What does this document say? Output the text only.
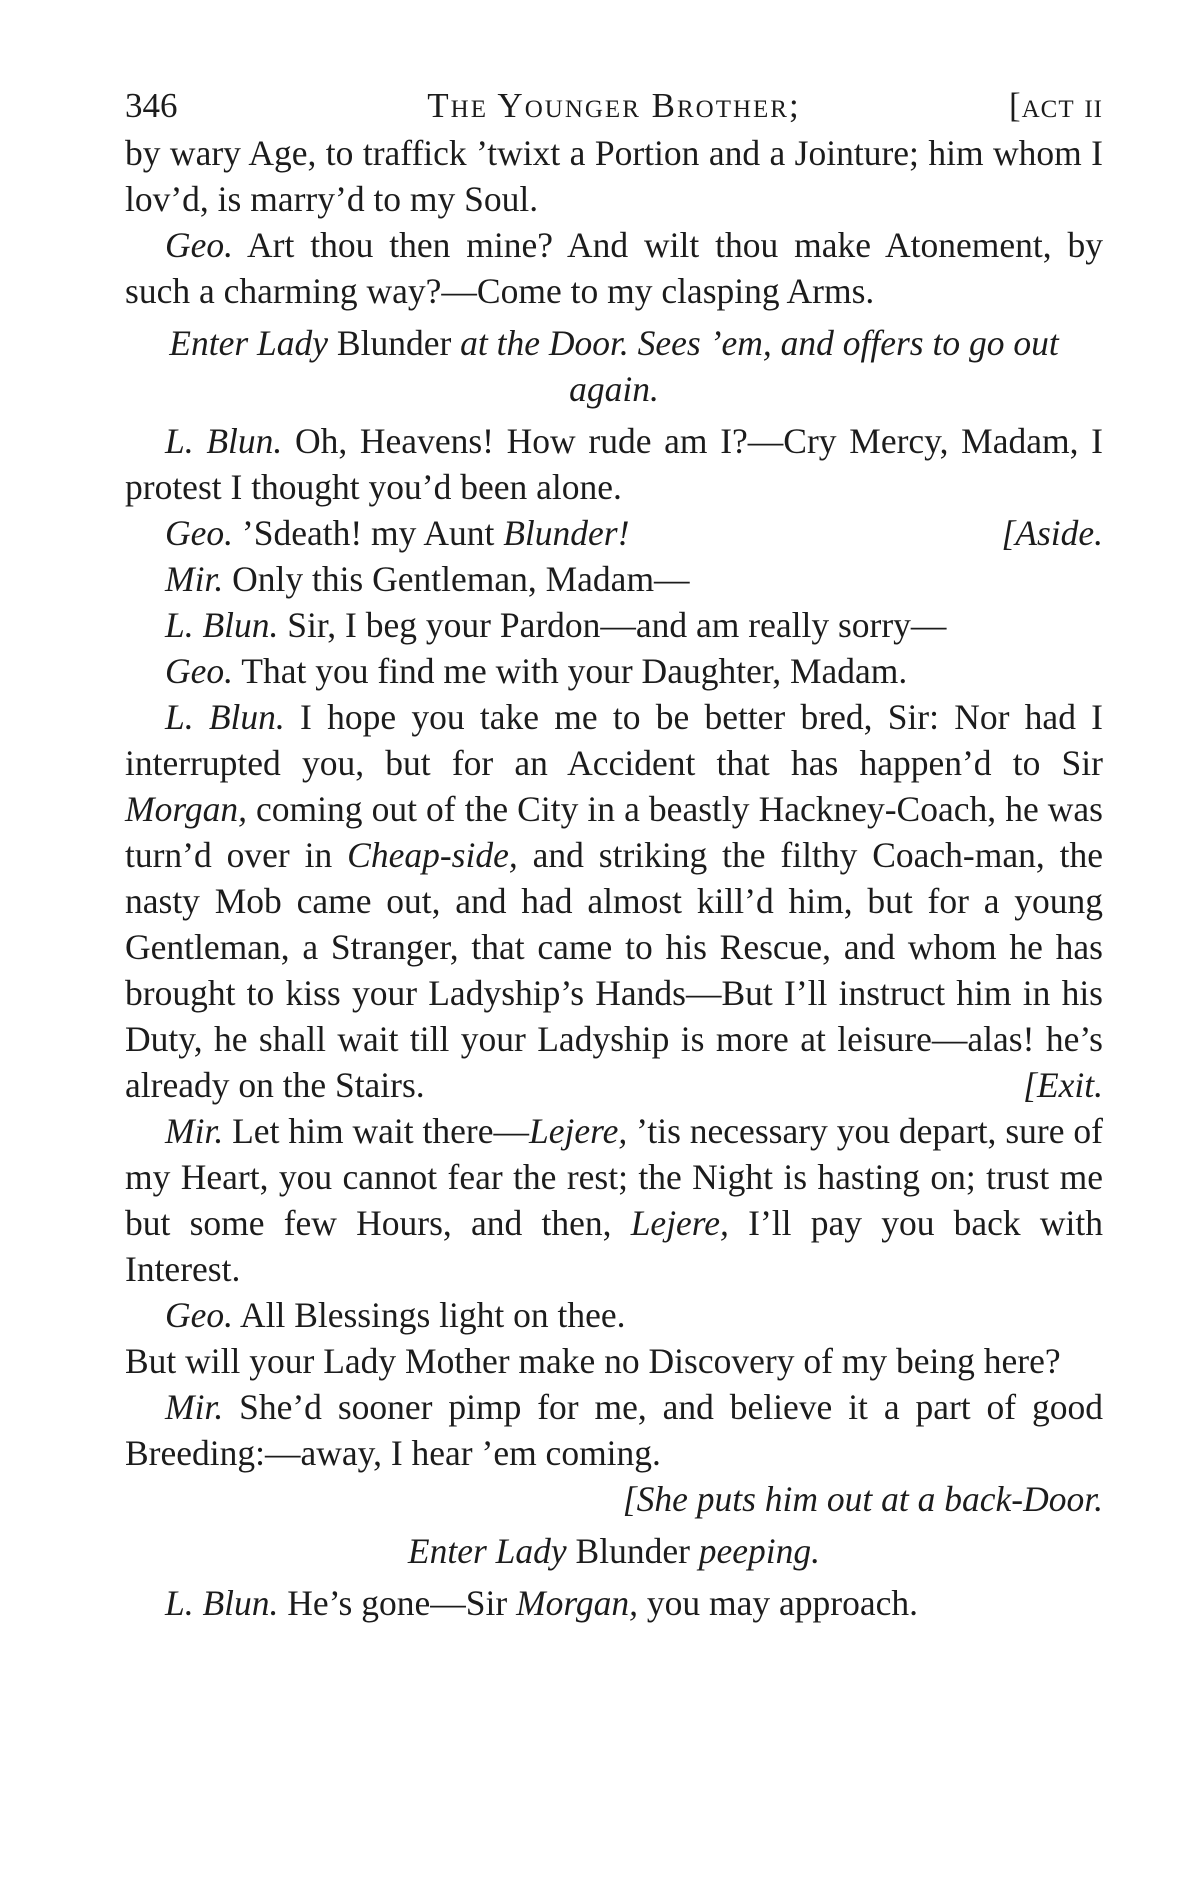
346	The Younger Brother;	[act ii

by wary Age, to traffick ’twixt a Portion and a Jointure; him whom I lov’d, is marry’d to my Soul.

Geo. Art thou then mine? And wilt thou make Atonement, by such a charming way?—Come to my clasping Arms.

Enter Lady Blunder at the Door. Sees ’em, and offers to go out again.

L. Blun. Oh, Heavens! How rude am I?—Cry Mercy, Madam, I protest I thought you’d been alone.

Geo. ’Sdeath! my Aunt Blunder!	[Aside.

Mir. Only this Gentleman, Madam—

L. Blun. Sir, I beg your Pardon—and am really sorry—

Geo. That you find me with your Daughter, Madam.

L. Blun. I hope you take me to be better bred, Sir: Nor had I interrupted you, but for an Accident that has happen’d to Sir Morgan, coming out of the City in a beastly Hackney-Coach, he was turn’d over in Cheap-side, and striking the filthy Coach-man, the nasty Mob came out, and had almost kill’d him, but for a young Gentleman, a Stranger, that came to his Rescue, and whom he has brought to kiss your Ladyship’s Hands—But I’ll instruct him in his Duty, he shall wait till your Ladyship is more at leisure—alas! he’s already on the Stairs.	[Exit.

Mir. Let him wait there—Lejere, ’tis necessary you depart, sure of my Heart, you cannot fear the rest; the Night is hasting on; trust me but some few Hours, and then, Lejere, I’ll pay you back with Interest.

Geo. All Blessings light on thee.

But will your Lady Mother make no Discovery of my being here?

Mir. She’d sooner pimp for me, and believe it a part of good Breeding:—away, I hear ’em coming.

[She puts him out at a back-Door.

Enter Lady Blunder peeping.

L. Blun. He’s gone—Sir Morgan, you may approach.
